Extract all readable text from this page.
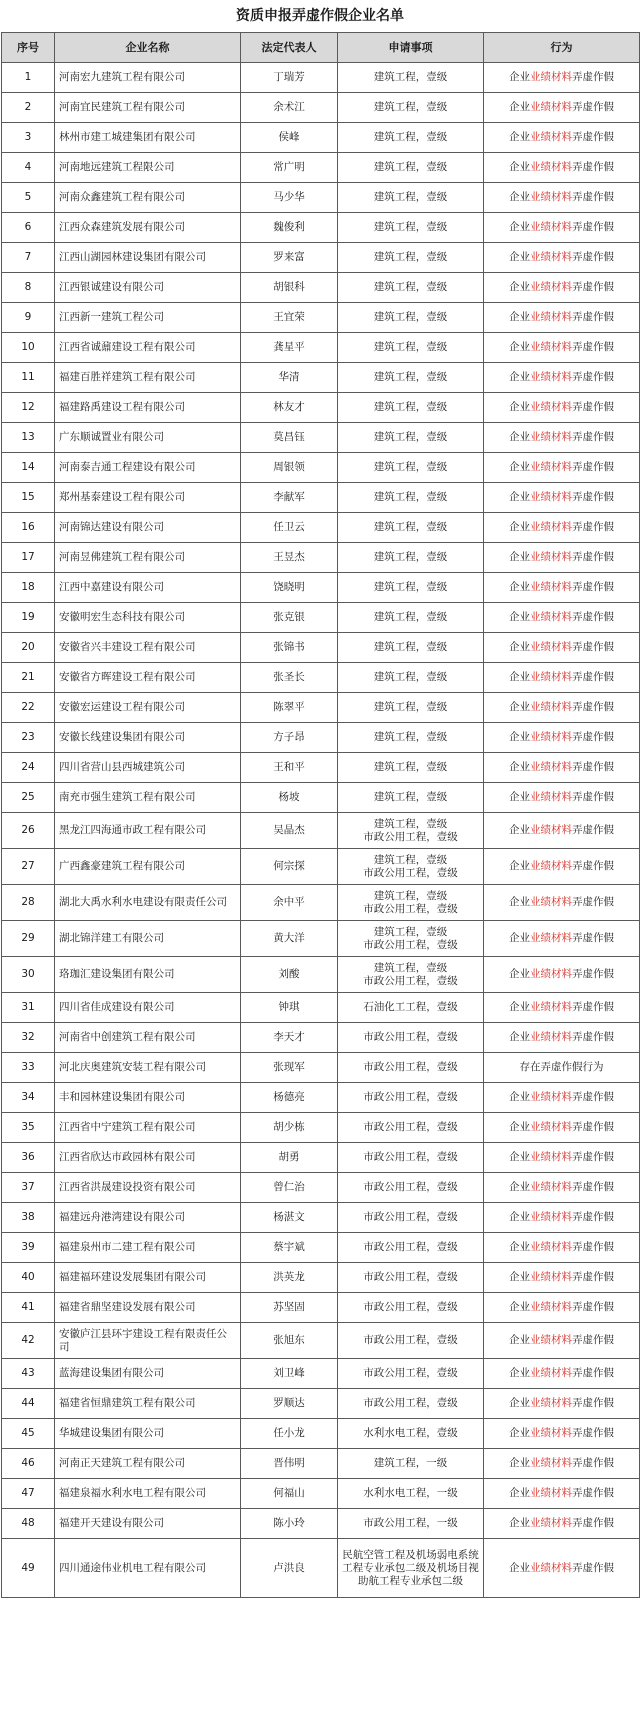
资质申报弄虚作假企业名单
序号	企业名称	法定代表人	申请事项	行为
1	河南宏九建筑工程有限公司	丁瑞芳	建筑工程，壹级	企业业绩材料弄虚作假
2	河南宜民建筑工程有限公司	余术江	建筑工程，壹级	企业业绩材料弄虚作假
3	林州市建工城建集团有限公司	侯峰	建筑工程，壹级	企业业绩材料弄虚作假
4	河南地远建筑工程限公司	常广明	建筑工程，壹级	企业业绩材料弄虚作假
5	河南众鑫建筑工程有限公司	马少华	建筑工程，壹级	企业业绩材料弄虚作假
6	江西众森建筑发展有限公司	魏俊利	建筑工程，壹级	企业业绩材料弄虚作假
7	江西山湖园林建设集团有限公司	罗来富	建筑工程，壹级	企业业绩材料弄虚作假
8	江西银诚建设有限公司	胡银科	建筑工程，壹级	企业业绩材料弄虚作假
9	江西新一建筑工程公司	王宜荣	建筑工程，壹级	企业业绩材料弄虚作假
10	江西省诚鼐建设工程有限公司	龚星平	建筑工程，壹级	企业业绩材料弄虚作假
11	福建百胜祥建筑工程有限公司	华清	建筑工程，壹级	企业业绩材料弄虚作假
12	福建路禹建设工程有限公司	林友才	建筑工程，壹级	企业业绩材料弄虚作假
13	广东顺诚置业有限公司	莫昌钰	建筑工程，壹级	企业业绩材料弄虚作假
14	河南泰吉通工程建设有限公司	周银领	建筑工程，壹级	企业业绩材料弄虚作假
15	郑州基泰建设工程有限公司	李献军	建筑工程，壹级	企业业绩材料弄虚作假
16	河南锦达建设有限公司	任卫云	建筑工程，壹级	企业业绩材料弄虚作假
17	河南昱佛建筑工程有限公司	王昱杰	建筑工程，壹级	企业业绩材料弄虚作假
18	江西中嘉建设有限公司	饶晓明	建筑工程，壹级	企业业绩材料弄虚作假
19	安徽明宏生态科技有限公司	张克银	建筑工程，壹级	企业业绩材料弄虚作假
20	安徽省兴丰建设工程有限公司	张锦书	建筑工程，壹级	企业业绩材料弄虚作假
21	安徽省方晖建设工程有限公司	张圣长	建筑工程，壹级	企业业绩材料弄虚作假
22	安徽宏运建设工程有限公司	陈翠平	建筑工程，壹级	企业业绩材料弄虚作假
23	安徽长线建设集团有限公司	方子昂	建筑工程，壹级	企业业绩材料弄虚作假
24	四川省营山县西城建筑公司	王和平	建筑工程，壹级	企业业绩材料弄虚作假
25	南充市强生建筑工程有限公司	杨坡	建筑工程，壹级	企业业绩材料弄虚作假
26	黑龙江四海通市政工程有限公司	吴晶杰	建筑工程，壹级
市政公用工程，壹级	企业业绩材料弄虚作假
27	广西鑫豪建筑工程有限公司	何宗探	建筑工程，壹级
市政公用工程，壹级	企业业绩材料弄虚作假
28	湖北大禹水利水电建设有限责任公司	余中平	建筑工程，壹级
市政公用工程，壹级	企业业绩材料弄虚作假
29	湖北锦洋建工有限公司	黄大洋	建筑工程，壹级
市政公用工程，壹级	企业业绩材料弄虚作假
30	珞珈汇建设集团有限公司	刘酸	建筑工程，壹级
市政公用工程，壹级	企业业绩材料弄虚作假
31	四川省佳成建设有限公司	钟琪	石油化工工程，壹级	企业业绩材料弄虚作假
32	河南省中创建筑工程有限公司	李天才	市政公用工程，壹级	企业业绩材料弄虚作假
33	河北庆奥建筑安装工程有限公司	张现军	市政公用工程，壹级	存在弄虚作假行为
34	丰和园林建设集团有限公司	杨德亮	市政公用工程，壹级	企业业绩材料弄虚作假
35	江西省中宁建筑工程有限公司	胡少栋	市政公用工程，壹级	企业业绩材料弄虚作假
36	江西省欣达市政园林有限公司	胡勇	市政公用工程，壹级	企业业绩材料弄虚作假
37	江西省洪晟建设投资有限公司	曾仁治	市政公用工程，壹级	企业业绩材料弄虚作假
38	福建远舟港湾建设有限公司	杨湛文	市政公用工程，壹级	企业业绩材料弄虚作假
39	福建泉州市二建工程有限公司	蔡宇斌	市政公用工程，壹级	企业业绩材料弄虚作假
40	福建福环建设发展集团有限公司	洪英龙	市政公用工程，壹级	企业业绩材料弄虚作假
41	福建省鼎坚建设发展有限公司	苏坚固	市政公用工程，壹级	企业业绩材料弄虚作假
42	安徽庐江县环宇建设工程有限责任公司	张旭东	市政公用工程，壹级	企业业绩材料弄虚作假
43	蓝海建设集团有限公司	刘卫峰	市政公用工程，壹级	企业业绩材料弄虚作假
44	福建省恒鼎建筑工程有限公司	罗顺达	市政公用工程，壹级	企业业绩材料弄虚作假
45	华城建设集团有限公司	任小龙	水利水电工程，壹级	企业业绩材料弄虚作假
46	河南正天建筑工程有限公司	晋伟明	建筑工程，一级	企业业绩材料弄虚作假
47	福建泉福水利水电工程有限公司	何福山	水利水电工程，一级	企业业绩材料弄虚作假
48	福建开天建设有限公司	陈小玲	市政公用工程，一级	企业业绩材料弄虚作假
49	四川通途伟业机电工程有限公司	卢洪良	民航空管工程及机场弱电系统工程专业承包二级及机场目视助航工程专业承包二级	企业业绩材料弄虚作假
